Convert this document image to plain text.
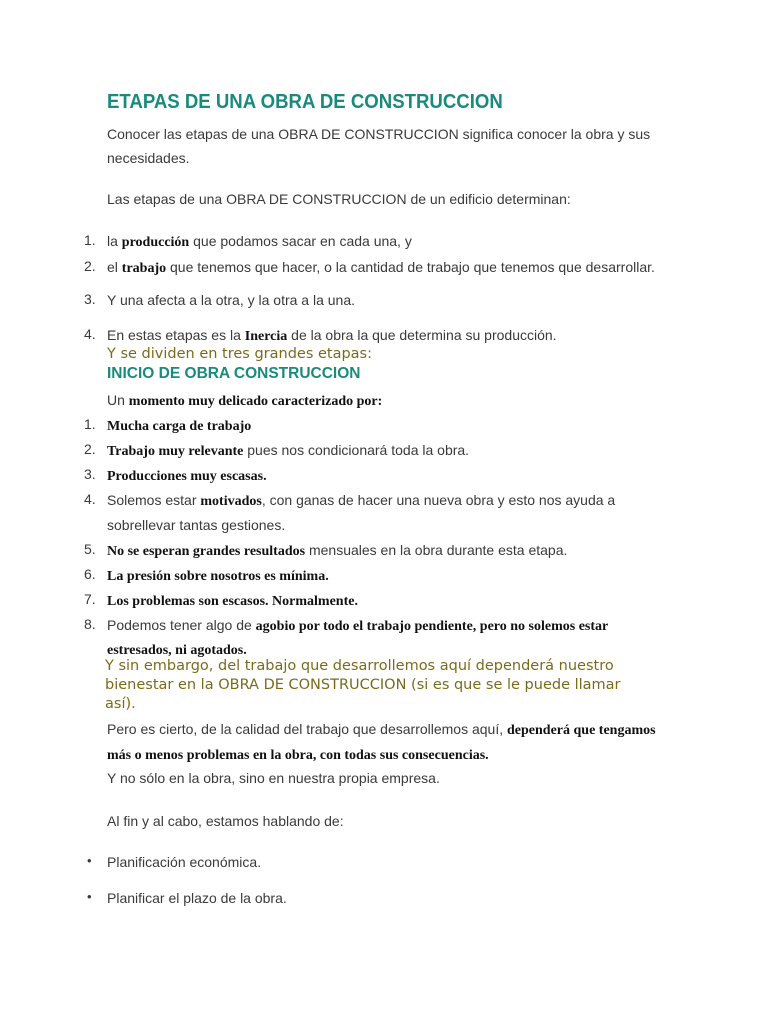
ETAPAS DE UNA OBRA DE CONSTRUCCION
Conocer las etapas de una OBRA DE CONSTRUCCION significa conocer la obra y sus
necesidades.
Las etapas de una OBRA DE CONSTRUCCION de un edificio determinan:
1. la producción que podamos sacar en cada una, y
2. el trabajo que tenemos que hacer, o la cantidad de trabajo que tenemos que desarrollar.
3. Y una afecta a la otra, y la otra a la una.
4. En estas etapas es la Inercia de la obra la que determina su producción.
Y se dividen en tres grandes etapas:
INICIO DE OBRA CONSTRUCCION
Un momento muy delicado caracterizado por:
1. Mucha carga de trabajo
2. Trabajo muy relevante pues nos condicionará toda la obra.
3. Producciones muy escasas.
4. Solemos estar motivados, con ganas de hacer una nueva obra y esto nos ayuda a
sobrellevar tantas gestiones.
5. No se esperan grandes resultados mensuales en la obra durante esta etapa.
6. La presión sobre nosotros es mínima.
7. Los problemas son escasos. Normalmente.
8. Podemos tener algo de agobio por todo el trabajo pendiente, pero no solemos estar
estresados, ni agotados.
Y sin embargo, del trabajo que desarrollemos aquí dependerá nuestro
bienestar en la OBRA DE CONSTRUCCION (si es que se le puede llamar
así).
Pero es cierto, de la calidad del trabajo que desarrollemos aquí, dependerá que tengamos
más o menos problemas en la obra, con todas sus consecuencias.
Y no sólo en la obra, sino en nuestra propia empresa.
Al fin y al cabo, estamos hablando de:
• Planificación económica.
• Planificar el plazo de la obra.
